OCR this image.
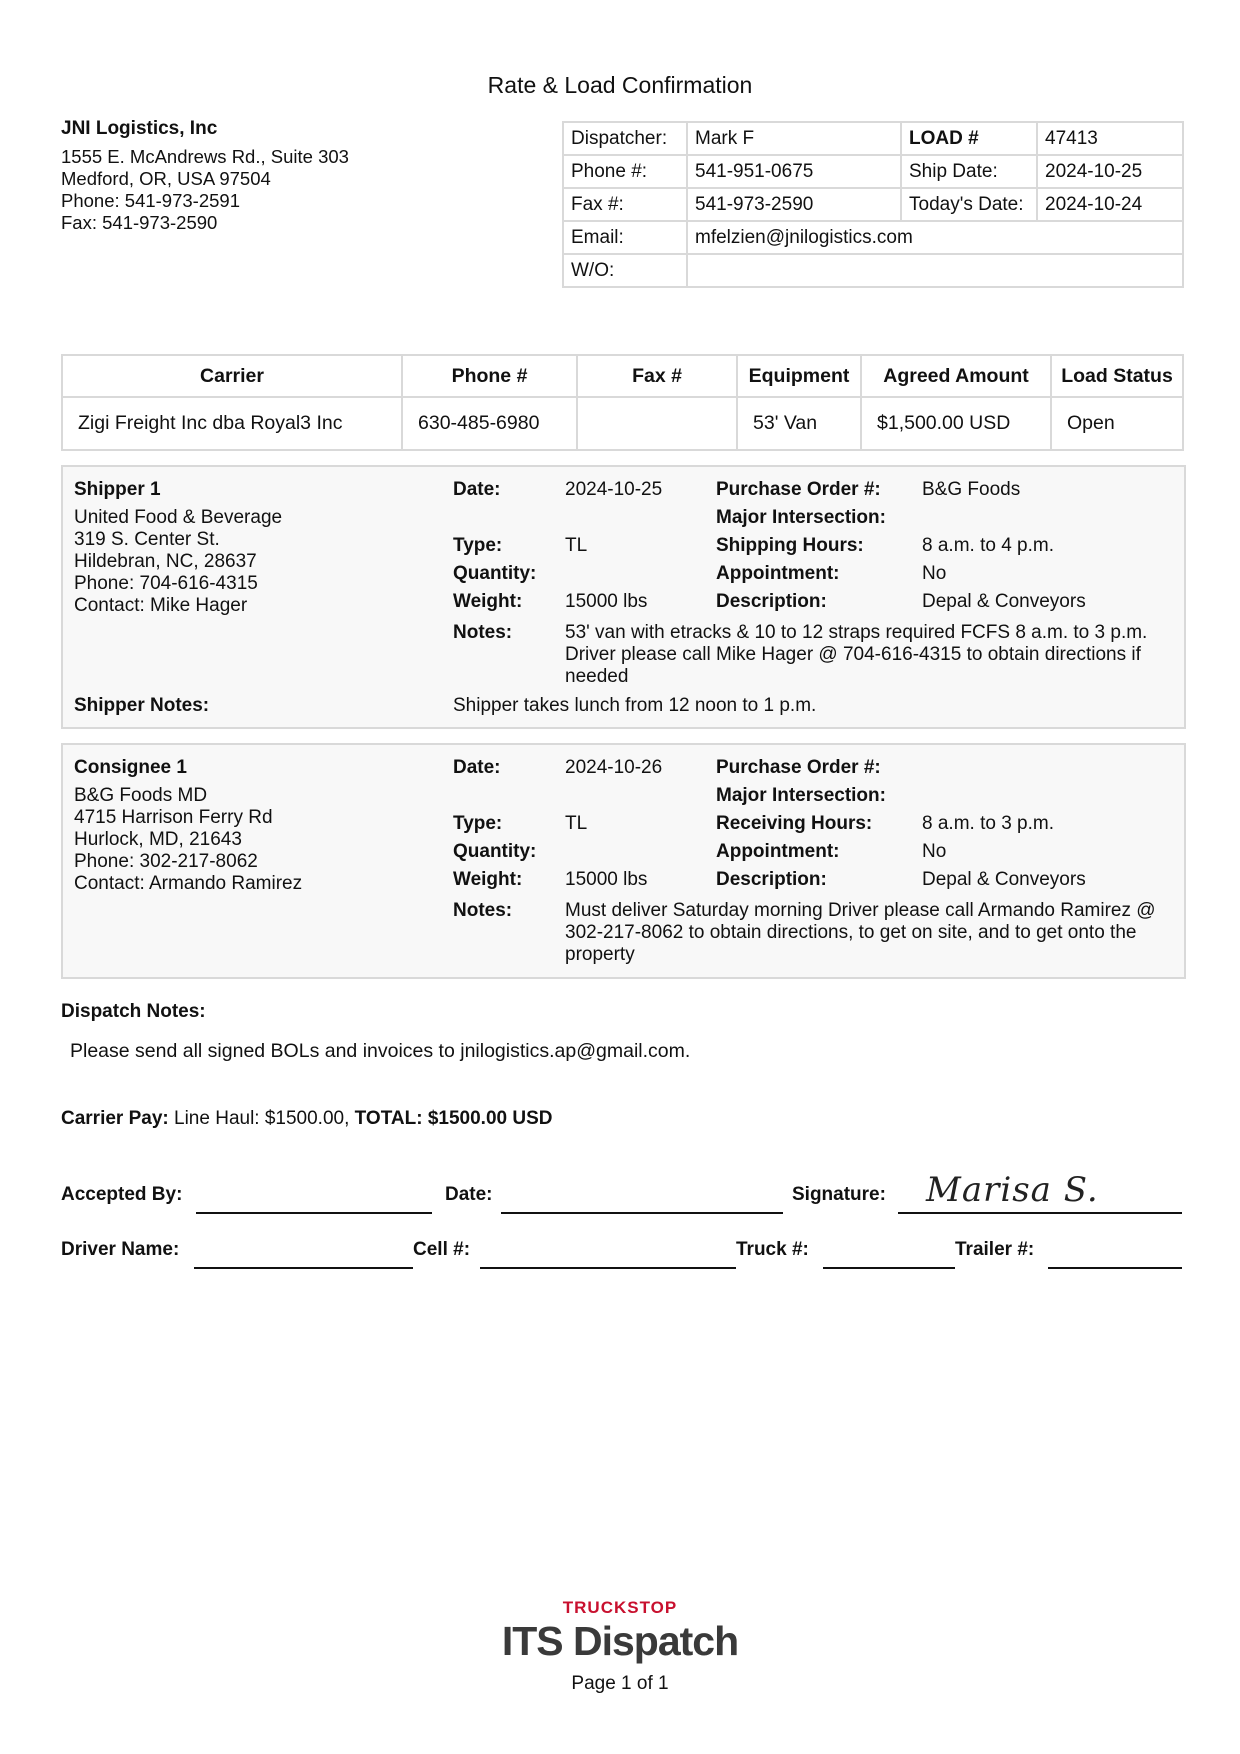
Rate & Load Confirmation
JNI Logistics, Inc
1555 E. McAndrews Rd., Suite 303
Medford, OR, USA 97504
Phone: 541-973-2591
Fax: 541-973-2590
Dispatcher:	Mark F	LOAD #	47413
Phone #:	541-951-0675	Ship Date:	2024-10-25
Fax #:	541-973-2590	Today's Date:	2024-10-24
Email:	mfelzien@jnilogistics.com		
W/O:			
Carrier	Phone #	Fax #	Equipment	Agreed Amount	Load Status
Zigi Freight Inc dba Royal3 Inc	630-485-6980		53' Van	$1,500.00 USD	Open
Shipper 1
United Food & Beverage
319 S. Center St.
Hildebran, NC, 28637
Phone: 704-616-4315
Contact: Mike Hager
Date:	2024-10-25
Type:	TL
Quantity:
Weight: 15000 lbs
Purchase Order #: B&G Foods
Major Intersection:
Shipping Hours:	8 a.m. to 4 p.m.
Appointment:	No
Description:	Depal & Conveyors
Notes:	53' van with etracks & 10 to 12 straps required FCFS 8 a.m. to 3 p.m. Driver please call Mike Hager @ 704-616-4315 to obtain directions if needed
Shipper Notes:	Shipper takes lunch from 12 noon to 1 p.m.
Consignee 1
B&G Foods MD
4715 Harrison Ferry Rd
Hurlock, MD, 21643
Phone: 302-217-8062
Contact: Armando Ramirez
Date:	2024-10-26
Type:	TL
Quantity:
Weight: 15000 lbs
Purchase Order #:
Major Intersection:
Receiving Hours:	8 a.m. to 3 p.m.
Appointment:	No
Description:	Depal & Conveyors
Notes:	Must deliver Saturday morning Driver please call Armando Ramirez @ 302-217-8062 to obtain directions, to get on site, and to get onto the property
Dispatch Notes:
Please send all signed BOLs and invoices to jnilogistics.ap@gmail.com.
Carrier Pay: Line Haul: $1500.00, TOTAL: $1500.00 USD
Accepted By:	Date:	Signature: Marisa S.
Driver Name:	Cell #:	Truck #:	Trailer #:
TRUCKSTOP
ITS Dispatch
Page 1 of 1
